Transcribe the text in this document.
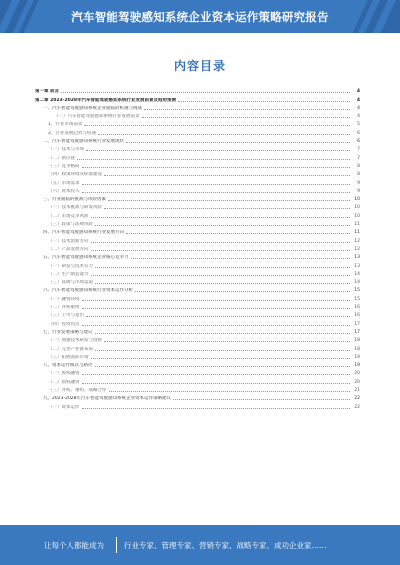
汽车智能驾驶感知系统企业资本运作策略研究报告
内容目录
第一章 前言	4
第二章 2023-2028年汽车智能驾驶感知系统行业发展前景及趋势预测	4
一、汽车智能驾驶感知系统企业面临的机遇与挑战	4
（一）汽车智能驾驶感知系统行业发展前景	4
1、行业市场前景	5
2、行业发展趋势与机遇	6
二、汽车智能驾驶感知系统行业发展现状	6
（一）技术与市场	7
（二）供应链	7
（三）竞争格局	8
（四）政策环境及标准建设	8
（五）市场需求	9
（六）资本投入	9
三、行业面临的挑战与风险因素	10
（一）技术挑战与研发风险	10
（二）市场竞争风险	10
（三）政策与法规风险	11
四、汽车智能驾驶感知系统行业发展方向	11
（一）技术创新方向	12
（二）产品发展方向	12
五、汽车智能驾驶感知系统企业核心竞争力	13
（一）研发与技术实力	13
（二）生产制造能力	14
（三）品牌与市场渠道	14
六、汽车智能驾驶感知系统行业资本运作分析	15
（一）融资环境	15
（二）并购重组	16
（三）上市与退出	16
（四）投资热点	17
七、行业发展策略与建议	17
（一）加强技术研发与创新	18
（二）完善产业链布局	18
（三）拓展国际市场	19
八、资本运作模式与路径	19
（一）股权融资	20
（二）债权融资	20
（三）并购、重组、战略合作	21
九、2023-2028年汽车智能驾驶感知系统企业资本运作策略建议	22
（一）资本运作	22
让每个人都能成为	行业专家、管理专家、营销专家、战略专家、成功企业家……
